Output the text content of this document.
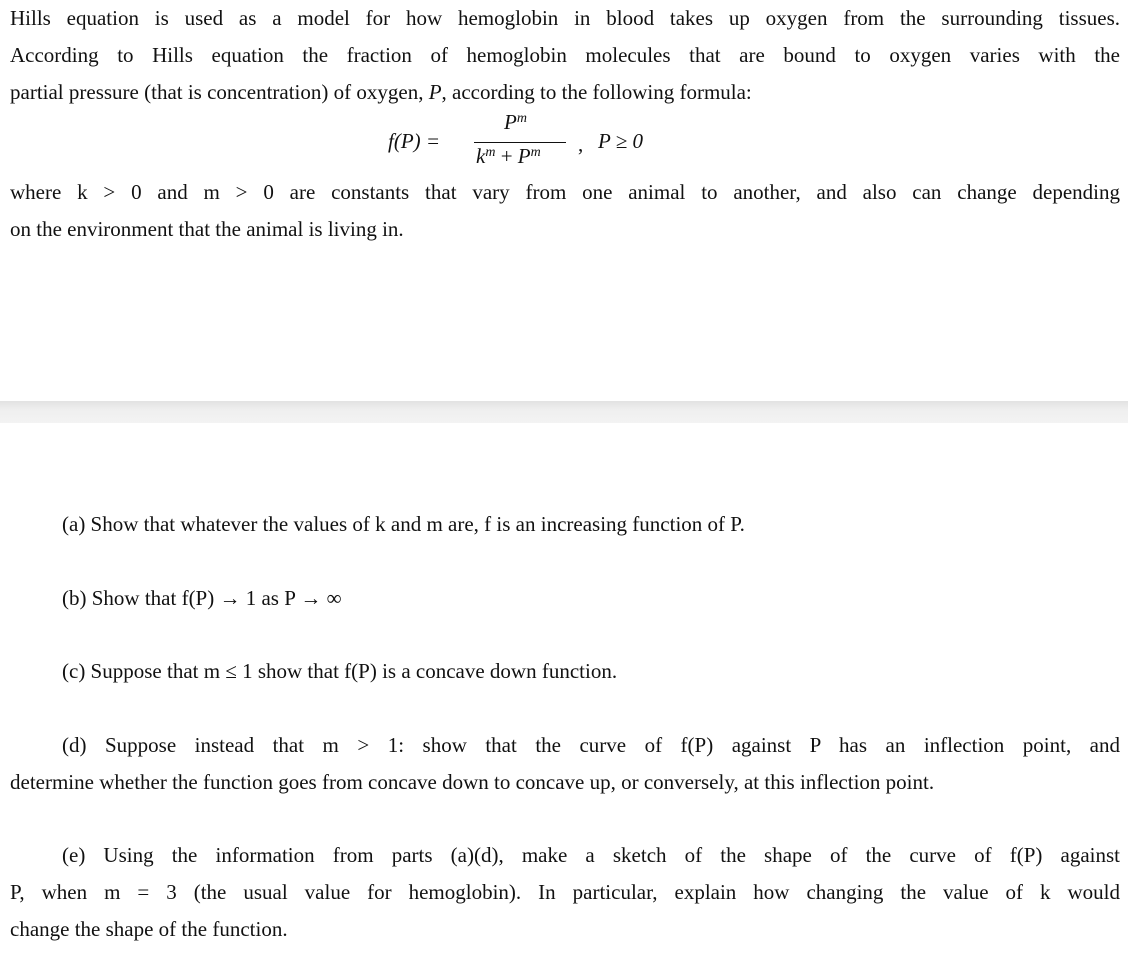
Hills equation is used as a model for how hemoglobin in blood takes up oxygen from the surrounding tissues.
According to Hills equation the fraction of hemoglobin molecules that are bound to oxygen varies with the
partial pressure (that is concentration) of oxygen, P, according to the following formula:
f(P) =
$P^m$
$k^m + P^m$ , P ≥ 0
where k > 0 and m > 0 are constants that vary from one animal to another, and also can change depending
on the environment that the animal is living in.
(a) Show that whatever the values of k and m are, f is an increasing function of P.
(b) Show that f(P) → 1 as P → ∞
(c) Suppose that m ≤ 1 show that f(P) is a concave down function.
(d) Suppose instead that m > 1: show that the curve of f(P) against P has an inflection point, and
determine whether the function goes from concave down to concave up, or conversely, at this inflection point.
(e) Using the information from parts (a)(d), make a sketch of the shape of the curve of f(P) against
P, when m = 3 (the usual value for hemoglobin). In particular, explain how changing the value of k would
change the shape of the function.
